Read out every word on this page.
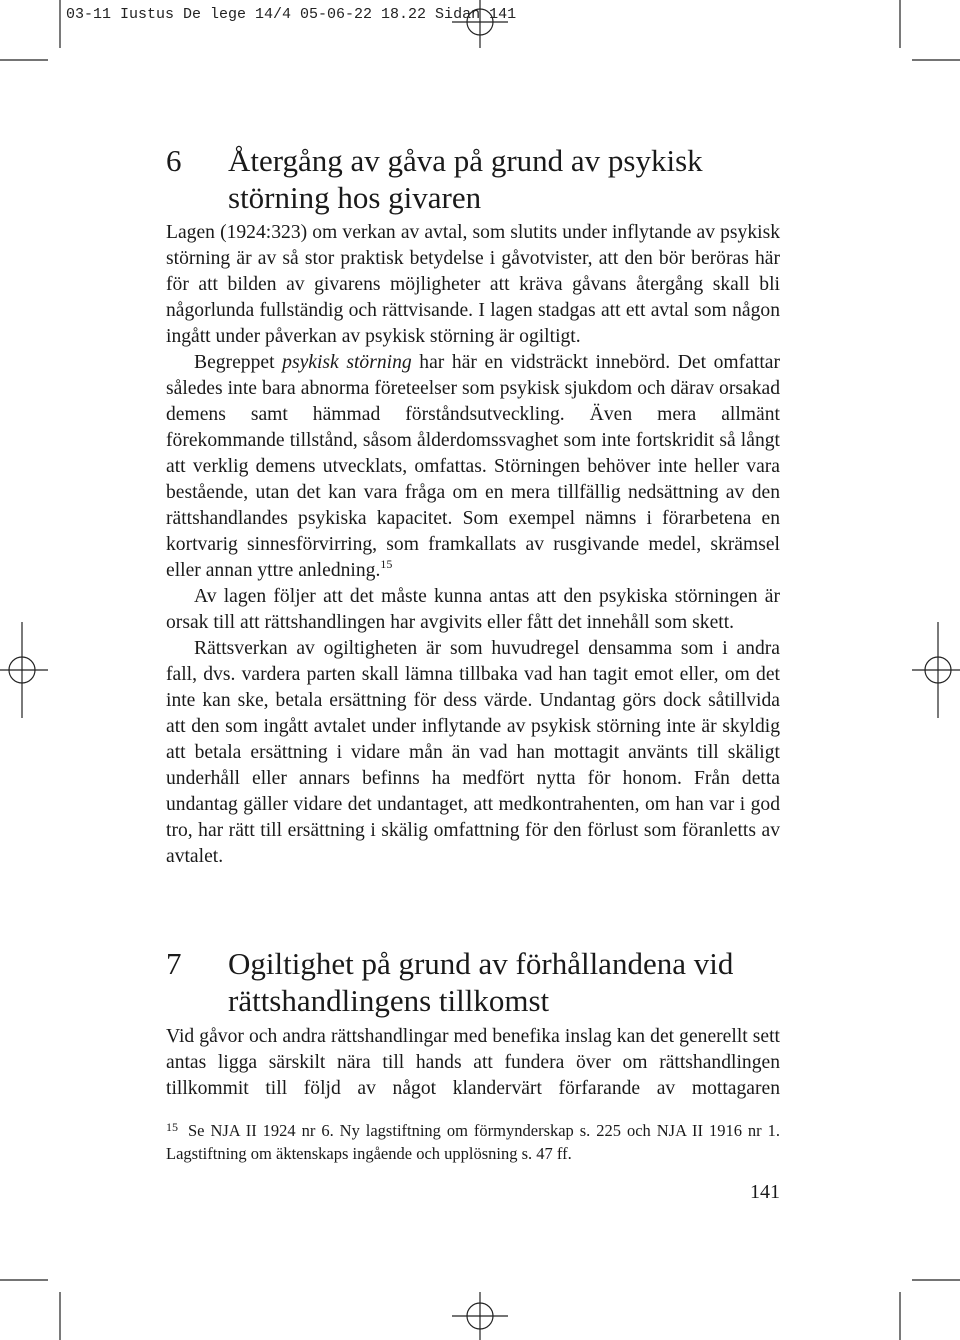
03-11 Iustus De lege 14/4 05-06-22 18.22 Sidan 141
6 Återgång av gåva på grund av psykisk störning hos givaren

Lagen (1924:323) om verkan av avtal, som slutits under inflytande av psykisk störning är av så stor praktisk betydelse i gåvotvister, att den bör beröras här för att bilden av givarens möjligheter att kräva gåvans återgång skall bli någorlunda fullständig och rättvisande. I lagen stadgas att ett avtal som någon ingått under påverkan av psykisk störning är ogiltigt.

Begreppet psykisk störning har här en vidsträckt innebörd. Det omfattar således inte bara abnorma företeelser som psykisk sjukdom och därav orsakad demens samt hämmad förståndsutveckling. Även mera allmänt förekommande tillstånd, såsom ålderdomssvaghet som inte fortskridit så långt att verklig demens utvecklats, omfattas. Störningen behöver inte heller vara bestående, utan det kan vara fråga om en mera tillfällig nedsättning av den rättshandlandes psykiska kapacitet. Som exempel nämns i förarbetena en kortvarig sinnesförvirring, som framkallats av rusgivande medel, skrämsel eller annan yttre anledning.$^{15}$

Av lagen följer att det måste kunna antas att den psykiska störningen är orsak till att rättshandlingen har avgivits eller fått det innehåll som skett.

Rättsverkan av ogiltigheten är som huvudregel densamma som i andra fall, dvs. vardera parten skall lämna tillbaka vad han tagit emot eller, om det inte kan ske, betala ersättning för dess värde. Undantag görs dock såtillvida att den som ingått avtalet under inflytande av psykisk störning inte är skyldig att betala ersättning i vidare mån än vad han mottagit använts till skäligt underhåll eller annars befinns ha medfört nytta för honom. Från detta undantag gäller vidare det undantaget, att medkontrahenten, om han var i god tro, har rätt till ersättning i skälig omfattning för den förlust som föranletts av avtalet.

7 Ogiltighet på grund av förhållandena vid rättshandlingens tillkomst

Vid gåvor och andra rättshandlingar med benefika inslag kan det generellt sett antas ligga särskilt nära till hands att fundera över om rättshandlingen tillkommit till följd av något klandervärt förfarande av mottagaren

$^{15}$ Se NJA II 1924 nr 6. Ny lagstiftning om förmynderskap s. 225 och NJA II 1916 nr 1. Lagstiftning om äktenskaps ingående och upplösning s. 47 ff.
141
